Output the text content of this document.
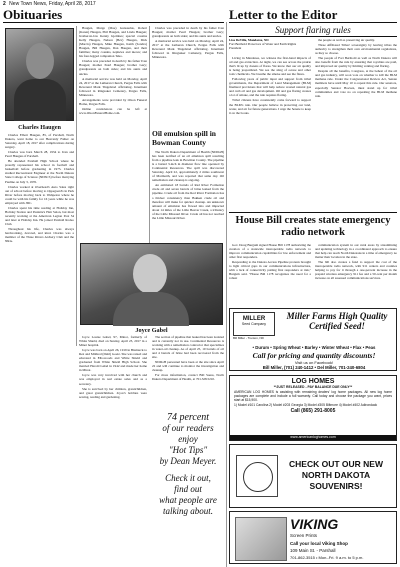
2 New Town News, Friday, April 28, 2017
Obituaries	Letter to the Editor
Charles Haugen

Charles Elbert Haugen, 85, of Parshall, North Dakota, went home to our Heavenly Father on Saturday, April 18, 2017 after complications during surgery.

Charles was born March 28, 1934 to Ivan and Pearl Haugen of Parshall.

He attended Parshall High School where he proudly represented his school in football and basketball before graduating in 1975. Charles studied Recreational Engineer at the North Dakota State College of Science (NDSCS) before marrying Pauline on July 3, 1976.

Charles worked at Overhead's Auto Sales right out of school before moving to Oppegaard's in Park River before moving back to Wahpeton where he could be with his family for 16 years while he was employed with JDC.

Charles spent his time reading at Holiday Inn, Holiday Station and Paulette's Hair Salon, but most recently working at the American Legion Post 54 and later at Holiday Inn. He joined Parshall Rodeo Club.

Throughout his life, Charles was always hardworking, devoted, and kind. Charles was a member of the Three Rivers Archery Club and the NRA.

Haugen, Marge (Mae) Gunsaulus, Robert (Karen) Haugen, Phil Haugen, and Linda Haugen; brother-in-law Kenny Gjeldnes; special cousins Kelly Haugen, Nelson (Bev) Haugen, Dick (Marcia) Haugen, Mike Haugen, Keith (Sondra) Haugen, Bill Haugen, Dan Haugen, and their families; many cousins, nephews and nieces; and his four-legged companion Teko.

Charles was preceded in death by his father Ivan Haugen; mother Pearl Haugen; brother Gary; grandparents on both sides; and his aunts and uncles.

A memorial service was held on Monday, April 24, 2017 at the Lutheran Church, Pergus Falls with Reverend Mark Tingelstad officiating. Interment followed in Ringsaker Cemetery, Pergus Falls, Minnesota.

Arrangements were provided by Olson Funeral Home, Pergus Falls.

Online condolences can be left at www.OlsonFuneralHome.com.

Joyce Gabel

Joyce Louise Gabel, 97, Minot, formerly of White Shield, died on Sunday, April 23, 2017 in a Minot hospital.

Joyce was born on April 26, 1919 in Bismarck to Rex and Mildred (Dahl) Goetz. She was raised and educated in Elbowoods and White Shield and graduated from White Shield High School. She married Harold Gabel in 1942 and made her home in Minot.

Joyce was very involved with her church and was employed in real estate sales and as a secretary.

She is survived by her children, grandchildren, and great grandchildren. Joyce's hobbies were sewing, reading and gardening.

Charles was preceded in death by his father Ivan Haugen; mother Pearl Haugen; brother Gary; grandparents on both sides; and his aunts and uncles.

A memorial service was held on Monday, April 24, 2017 at the Lutheran Church, Pergus Falls with Reverend Mark Tingelstad officiating. Interment followed in Ringsaker Cemetery, Pergus Falls, Minnesota.

Oil emulsion spill in Bowman County

The North Dakota Department of Health (NDDoH) has been notified of an oil emulsion spill resulting from a pipeline leak in Bowman County. The pipeline is a buried 3-inch in diameter flow line operated by Continental Resources. The spill was discovered Saturday, April 22, approximately 2 miles southwest of Marmarth, and was reported that same day. Oil remediation and cleanup is ongoing.

An estimated 18 barrels of Red River Formation crude oil and seven barrels of brine leaked from the pipeline. Crude oil from the Red River Formation has a thicker consistency than Bakken crude oil and therefore will make for quicker cleanup. An unknown amount of emulsion has flowed into and impacted about 14 miles of the Little Beaver Creek, a tributary of the Little Missouri River. Crude oil has not reached the Little Missouri River.

The section of pipeline that leaked has been isolated and is currently not in use. Continental Resources is working with a remediation contractor that specializes in water-oil cleanup. As of April 25, 10 barrels of oil and 4 barrels of brine had been recovered from the site.

NDDoH personnel have been at the site since April 22 and will continue to monitor the investigation and cleanup.

For more information, contact Bill Suess, North Dakota Department of Health, at 701.328.5210.

74 percent
of our readers enjoy
"Hot Tips"
by Dean Meyer.
Check it out,
find out
what people are
talking about.
Support flaring rules
Lisa DeVille, Mandaree, ND
Fort Berthold Protectors of Water and Earth Rights
President

Living in Mandaree, we witness the first-hand impacts of oil and gas extraction. At night, we can see across the prairie that's lit up by dozens of flares. We know that our air quality is being jeopardized. We see the sting of ozone and other toxic chemicals. We breathe the smoke and see the flares.

Following years of public input and support from tribal governments, the Department of Land Management (BLM) finalized provisions that will help reduce wasted natural gas and curb oil and gas development. Oil and gas flaring creates a lot of smoke, and the rule requires flaring.

Tribal citizens have consistently come forward to support the BLM's rule. Our people believe in protecting our land, water, and air for future generations. I urge the Senate to keep it on the books.

the people as well as preserving air quality.

Three Affiliated Tribes' sovereignty by leaving tribes the authority to strengthen their own environmental regulations, as they so choose.

The people of Fort Berthold as well as North Dakota will also benefit from the rule by ensuring that royalties are paid, and improved air quality by limiting venting and flaring.

Despite all the benefits, Congress, at the behest of the oil and gas industry, will soon vote on whether to kill the BLM methane rule. Under the Congressional Review Act, Senate members have until May 10 to repeal this rule. Our senators, especially Senator Hoeven, must stand up for tribal communities and vote no on repealing the BLM methane rule.

House Bill creates state emergency radio network

Gov. Doug Burgum signed House Bill 1178 authorizing the creation of a statewide interoperable radio network to improve communication capabilities for law enforcement and other first responders.

Responding to the Dakota Access Pipeline protests brought to light critical gaps in our communications infrastructure, with a lack of connectivity putting first responders at risk," Burgum said. "House Bill 1178 recognizes the need for a robust

communication system in our rural areas by streamlining and updating technology in a coordinated approach to ensure that help can reach North Dakotans in a time of emergency no matter their location in the state.

The bill also creates a fund to support the cost of the interoperable radio network, with 911 centers and counties helping to pay for it through a one-percent increase in the prepaid wireless emergency 911 fee and a 50-cent per month increase on all assessed communications services.

MILLER
Seed Company
Bill Miller - Trenton, ND
Miller Farms High Quality Certified Seed!
• Durum • Spring Wheat • Barley • Winter Wheat • Flax • Peas
Call for pricing and quantity discounts!
Visit us on Facebook!
Bill Miller, (701) 240-1412 • Del Miller, 701-240-6804
LOG HOMES
**JUST RELEASED - PAY BALANCE DUE ONLY**
AMERICAN LOG HOMES is assisting with remaining dealers' log home packages. All new log home packages are complete and include a full warranty. Call today and choose the package you want, prices start at $15,900.
1) Model #101 Carolina 2) Model #203 Georgia 3) Model #305 Biltmore 4) Model #402 Adirondack
Call (865) 291-8005
www.americanloghomes.com
CHECK OUT OUR NEW
NORTH DAKOTA SOUVENIRS!
VIKING
Screen Prints
Call your local Viking Shop
109 Main St. - Parshall
701-862-3515 • Mon.-Fri. 9 a.m. to 5 p.m.
